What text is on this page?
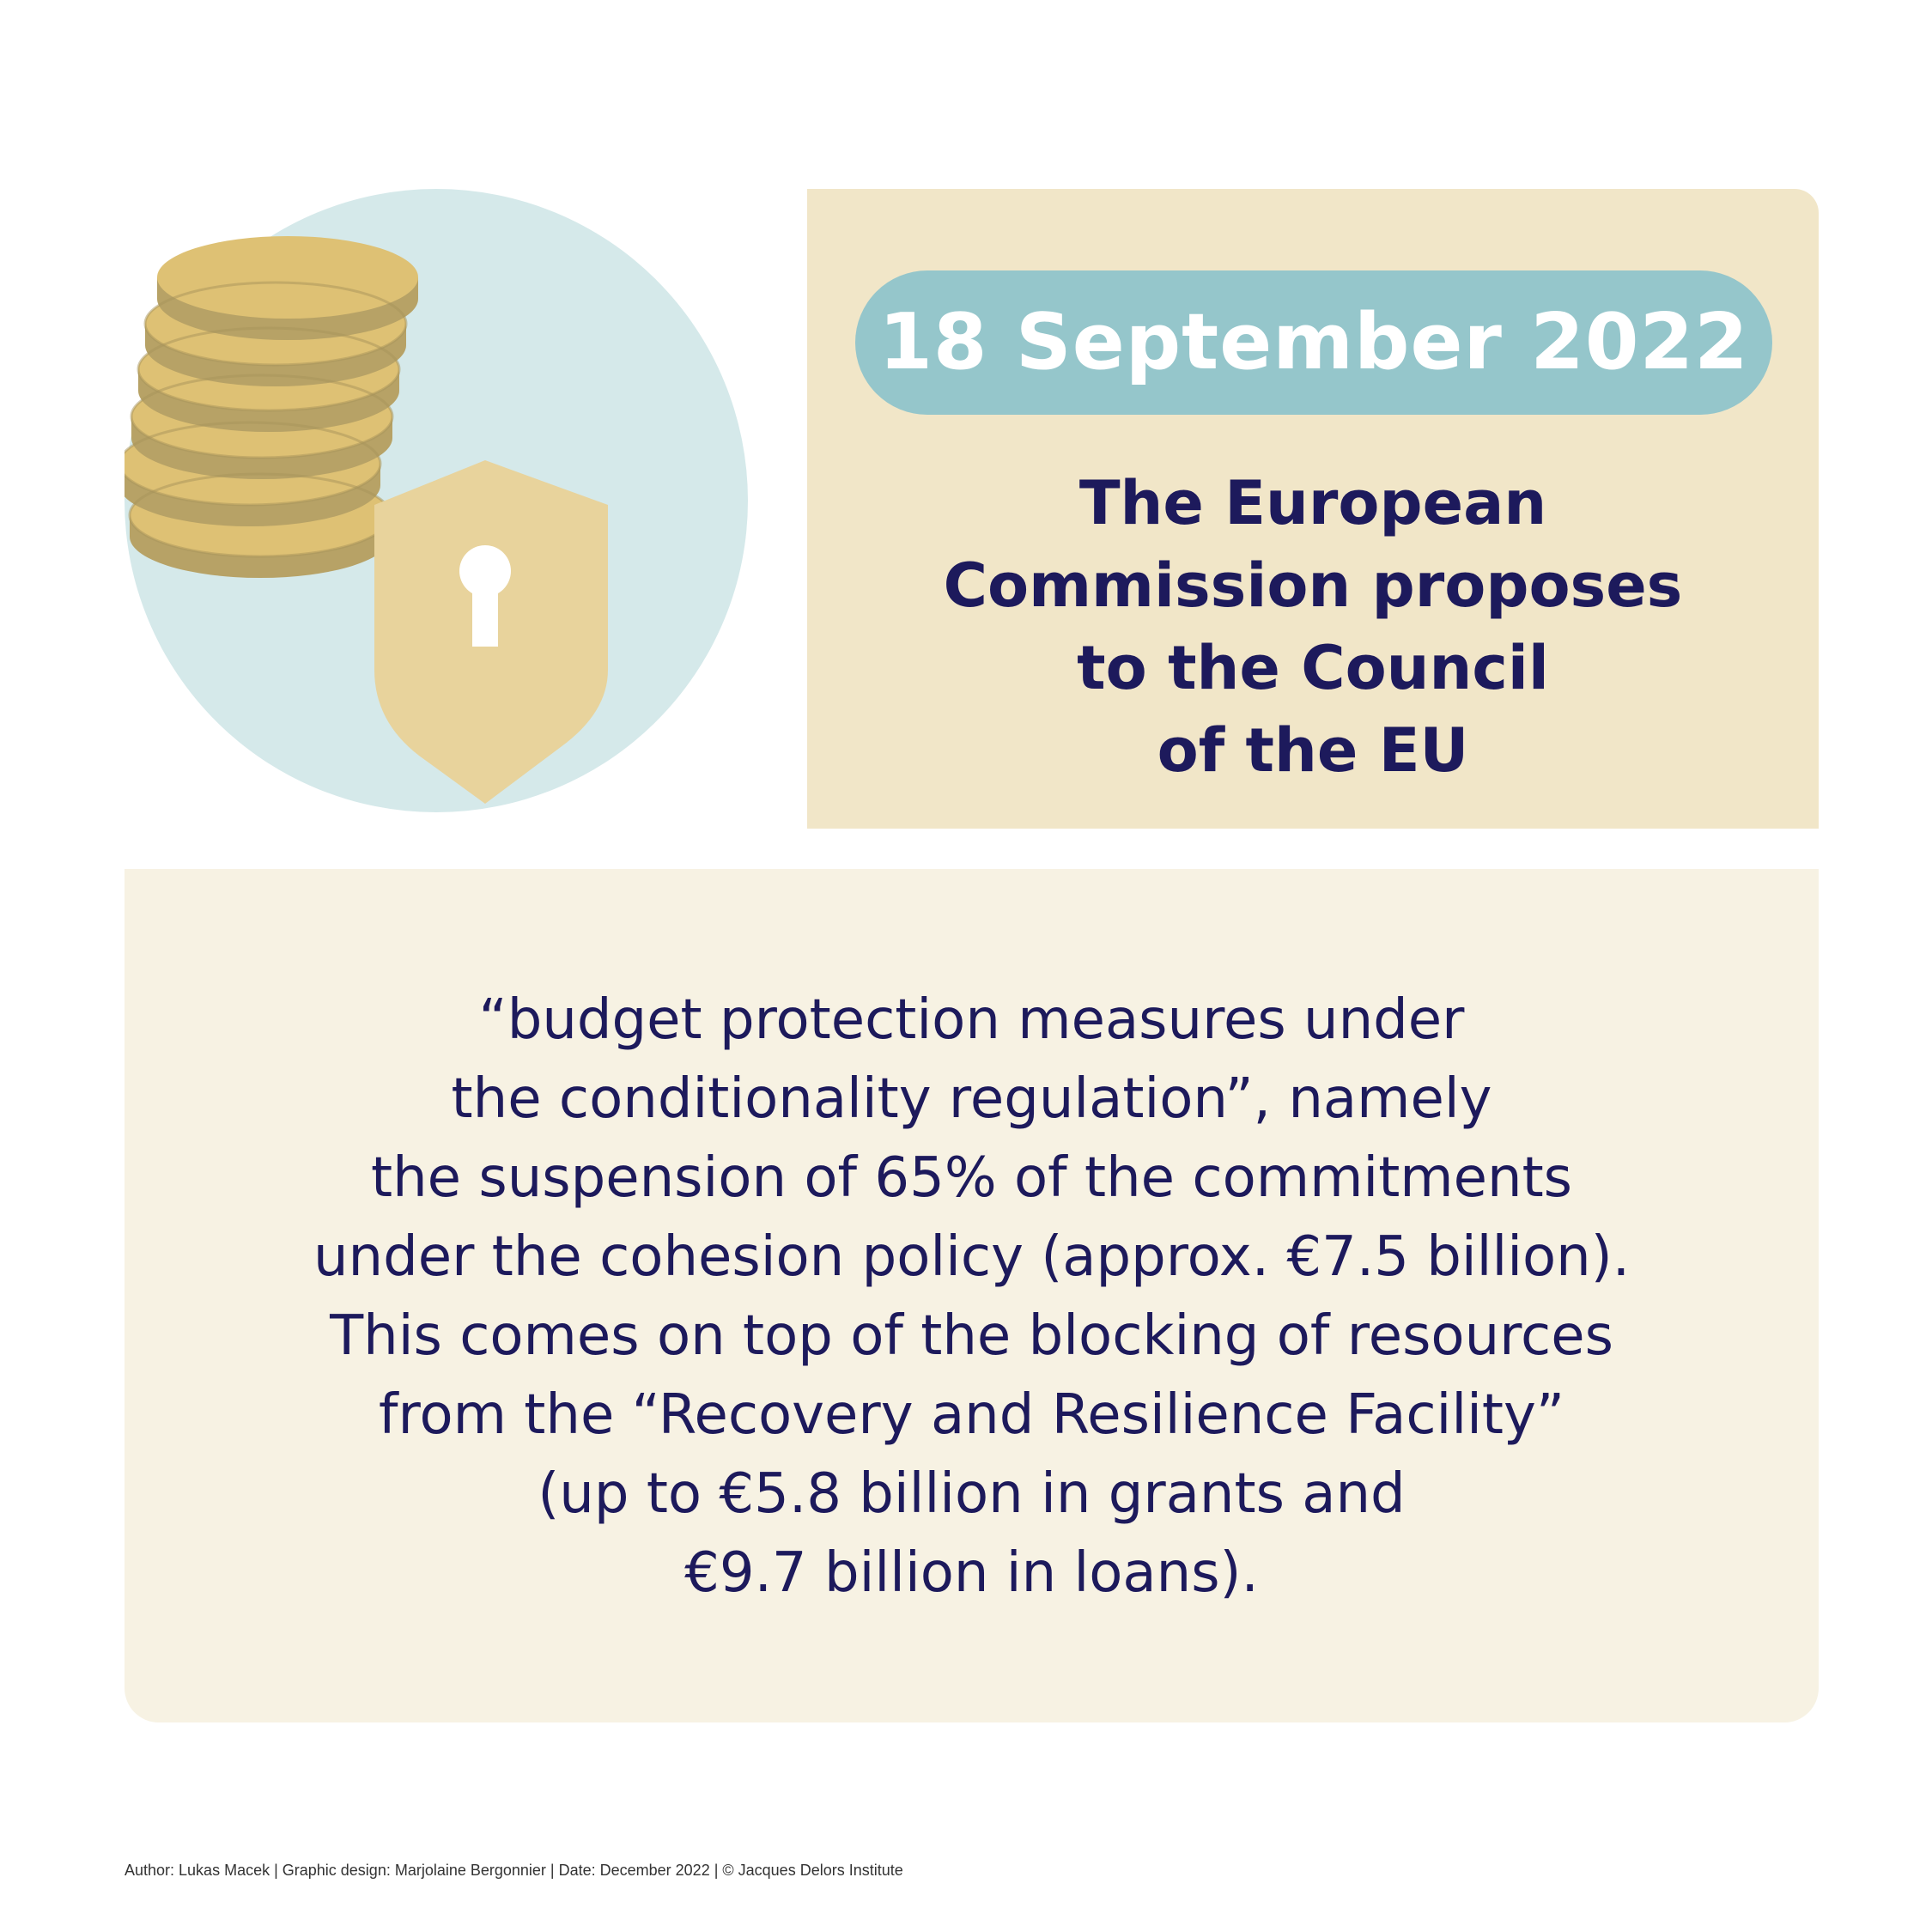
18 September 2022
The European
Commission proposes
to the Council
of the EU
“budget protection measures under
the conditionality regulation”, namely
the suspension of 65% of the commitments
under the cohesion policy (approx. €7.5 billion).
This comes on top of the blocking of resources
from the “Recovery and Resilience Facility”
(up to €5.8 billion in grants and
€9.7 billion in loans).
Author: Lukas Macek | Graphic design: Marjolaine Bergonnier | Date: December 2022 | © Jacques Delors Institute
